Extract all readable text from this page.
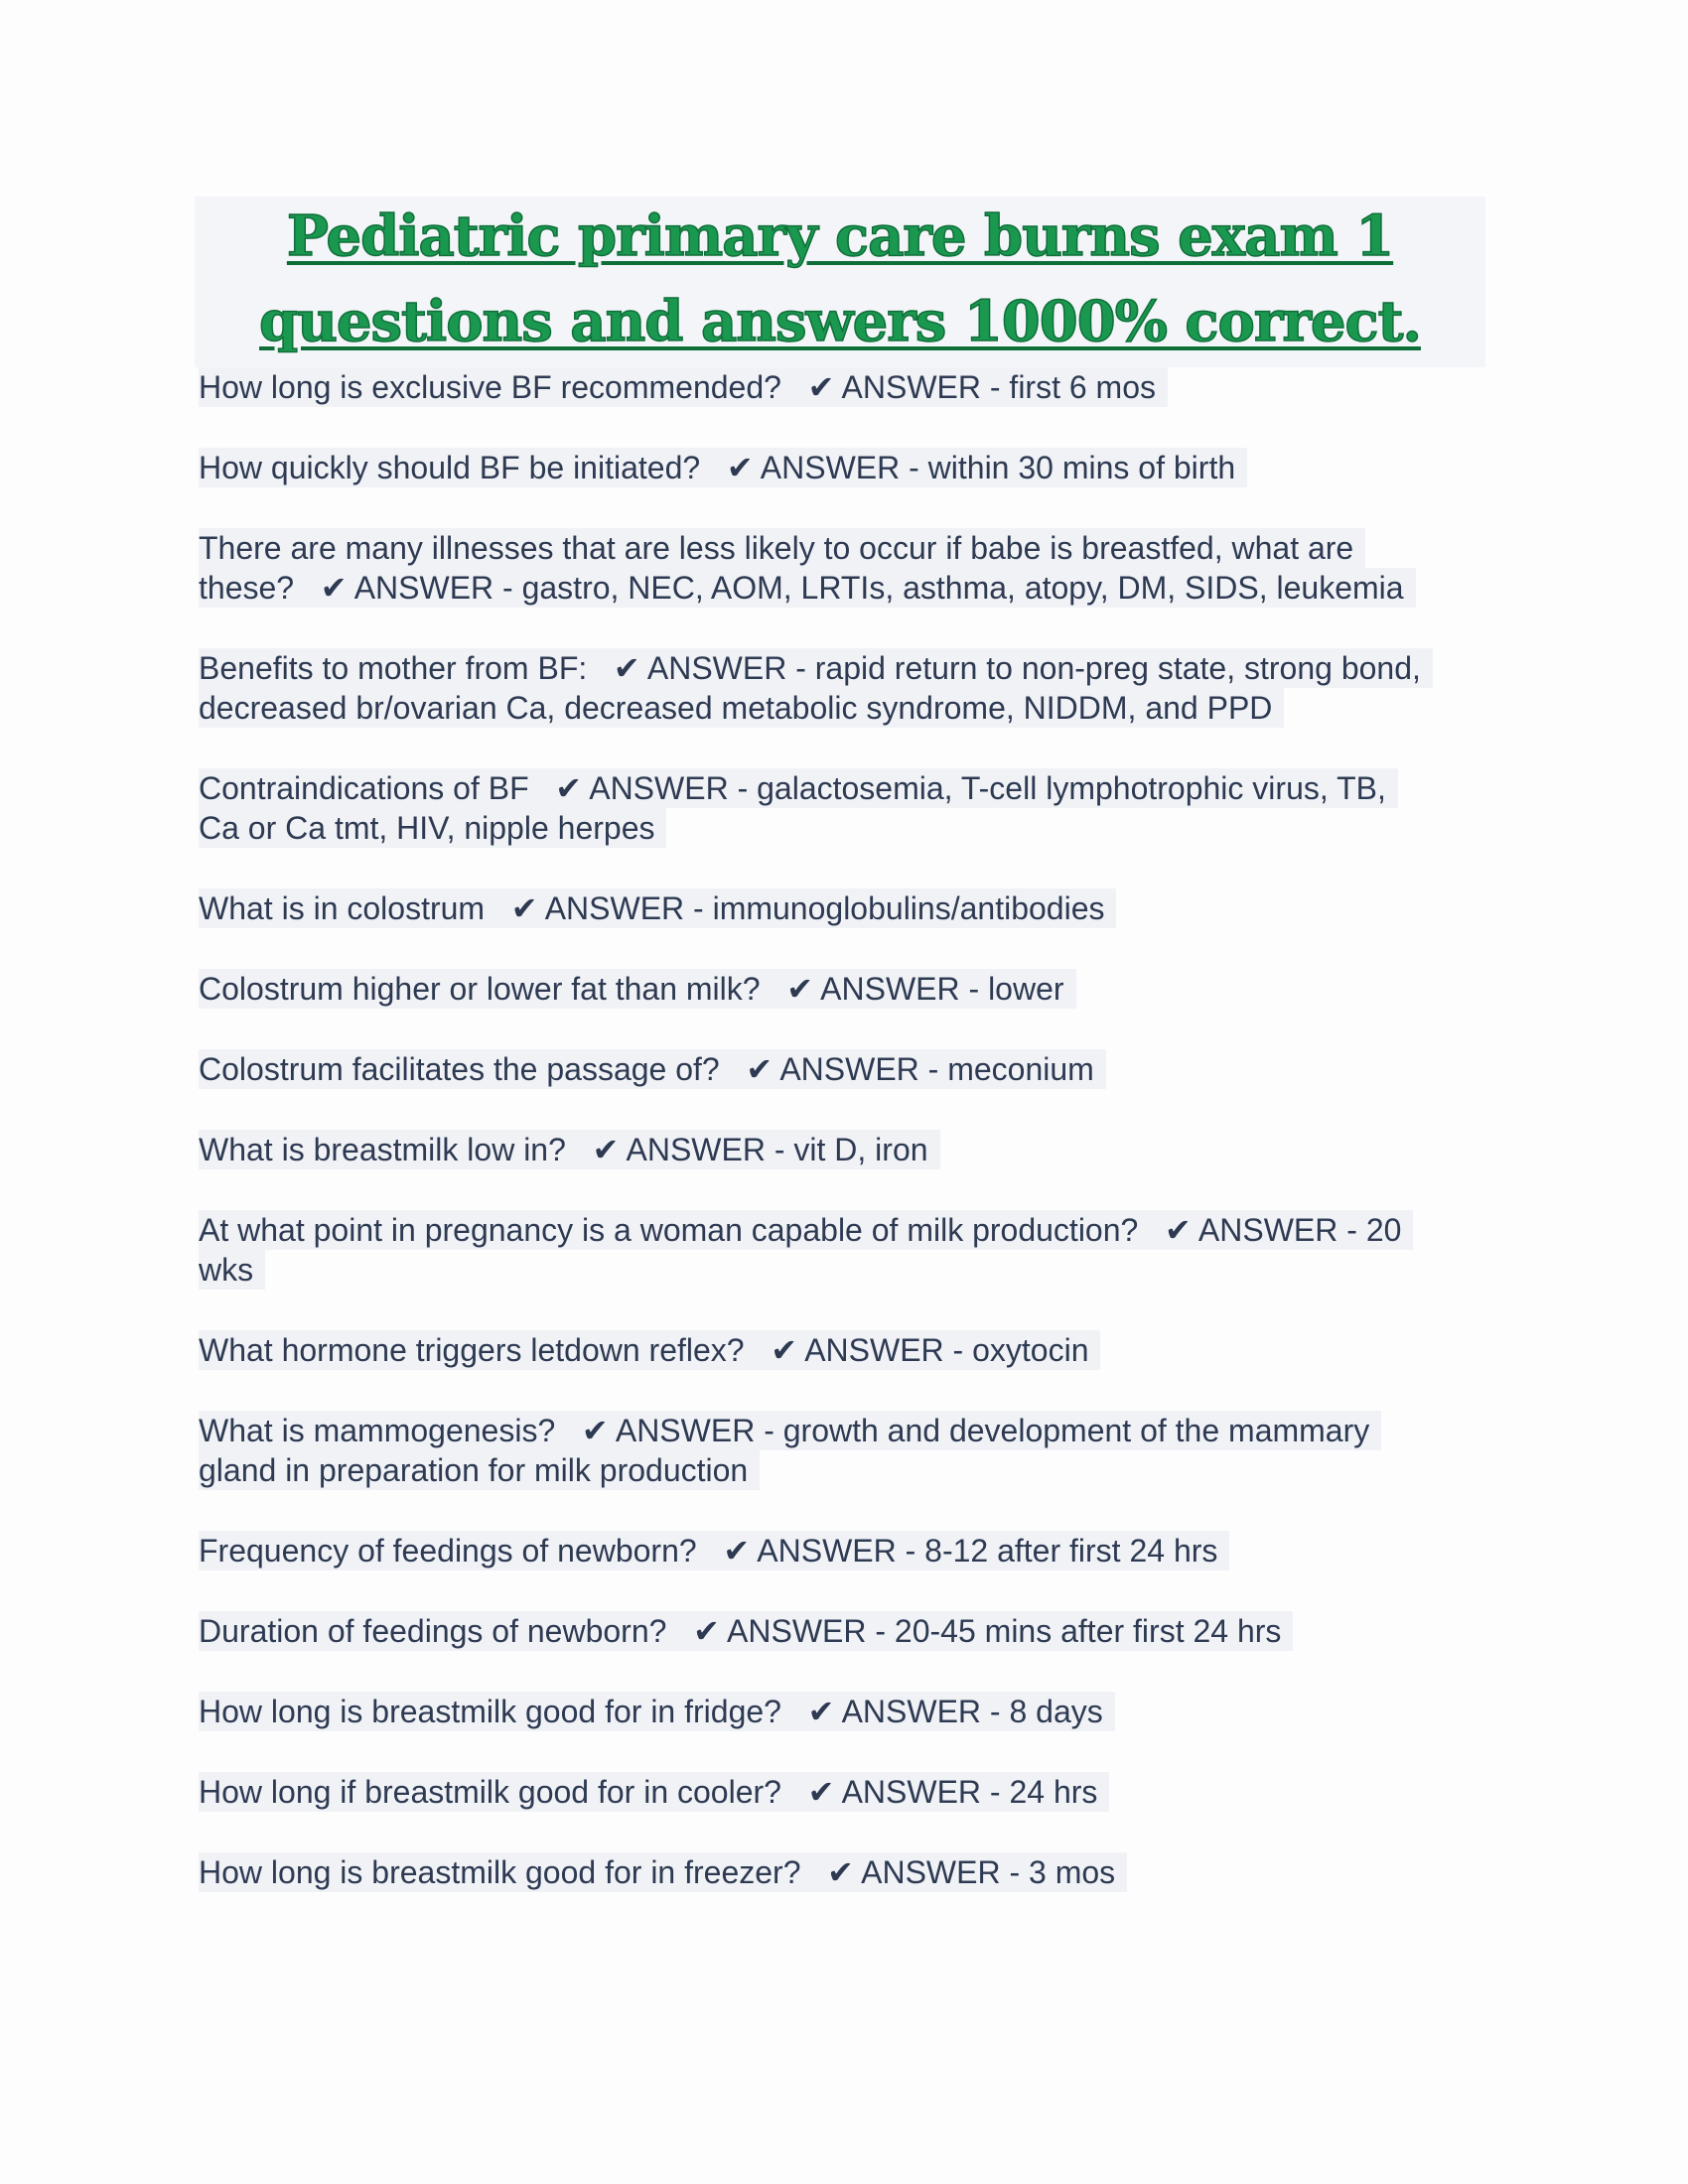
Pediatric primary care burns exam 1
questions and answers 1000% correct.
How long is exclusive BF recommended?   ✔ ANSWER - first 6 mos
How quickly should BF be initiated?   ✔ ANSWER - within 30 mins of birth
There are many illnesses that are less likely to occur if babe is breastfed, what are
these?   ✔ ANSWER - gastro, NEC, AOM, LRTIs, asthma, atopy, DM, SIDS, leukemia
Benefits to mother from BF:   ✔ ANSWER - rapid return to non-preg state, strong bond,
decreased br/ovarian Ca, decreased metabolic syndrome, NIDDM, and PPD
Contraindications of BF   ✔ ANSWER - galactosemia, T-cell lymphotrophic virus, TB,
Ca or Ca tmt, HIV, nipple herpes
What is in colostrum   ✔ ANSWER - immunoglobulins/antibodies
Colostrum higher or lower fat than milk?   ✔ ANSWER - lower
Colostrum facilitates the passage of?   ✔ ANSWER - meconium
What is breastmilk low in?   ✔ ANSWER - vit D, iron
At what point in pregnancy is a woman capable of milk production?   ✔ ANSWER - 20
wks
What hormone triggers letdown reflex?   ✔ ANSWER - oxytocin
What is mammogenesis?   ✔ ANSWER - growth and development of the mammary
gland in preparation for milk production
Frequency of feedings of newborn?   ✔ ANSWER - 8-12 after first 24 hrs
Duration of feedings of newborn?   ✔ ANSWER - 20-45 mins after first 24 hrs
How long is breastmilk good for in fridge?   ✔ ANSWER - 8 days
How long if breastmilk good for in cooler?   ✔ ANSWER - 24 hrs
How long is breastmilk good for in freezer?   ✔ ANSWER - 3 mos
